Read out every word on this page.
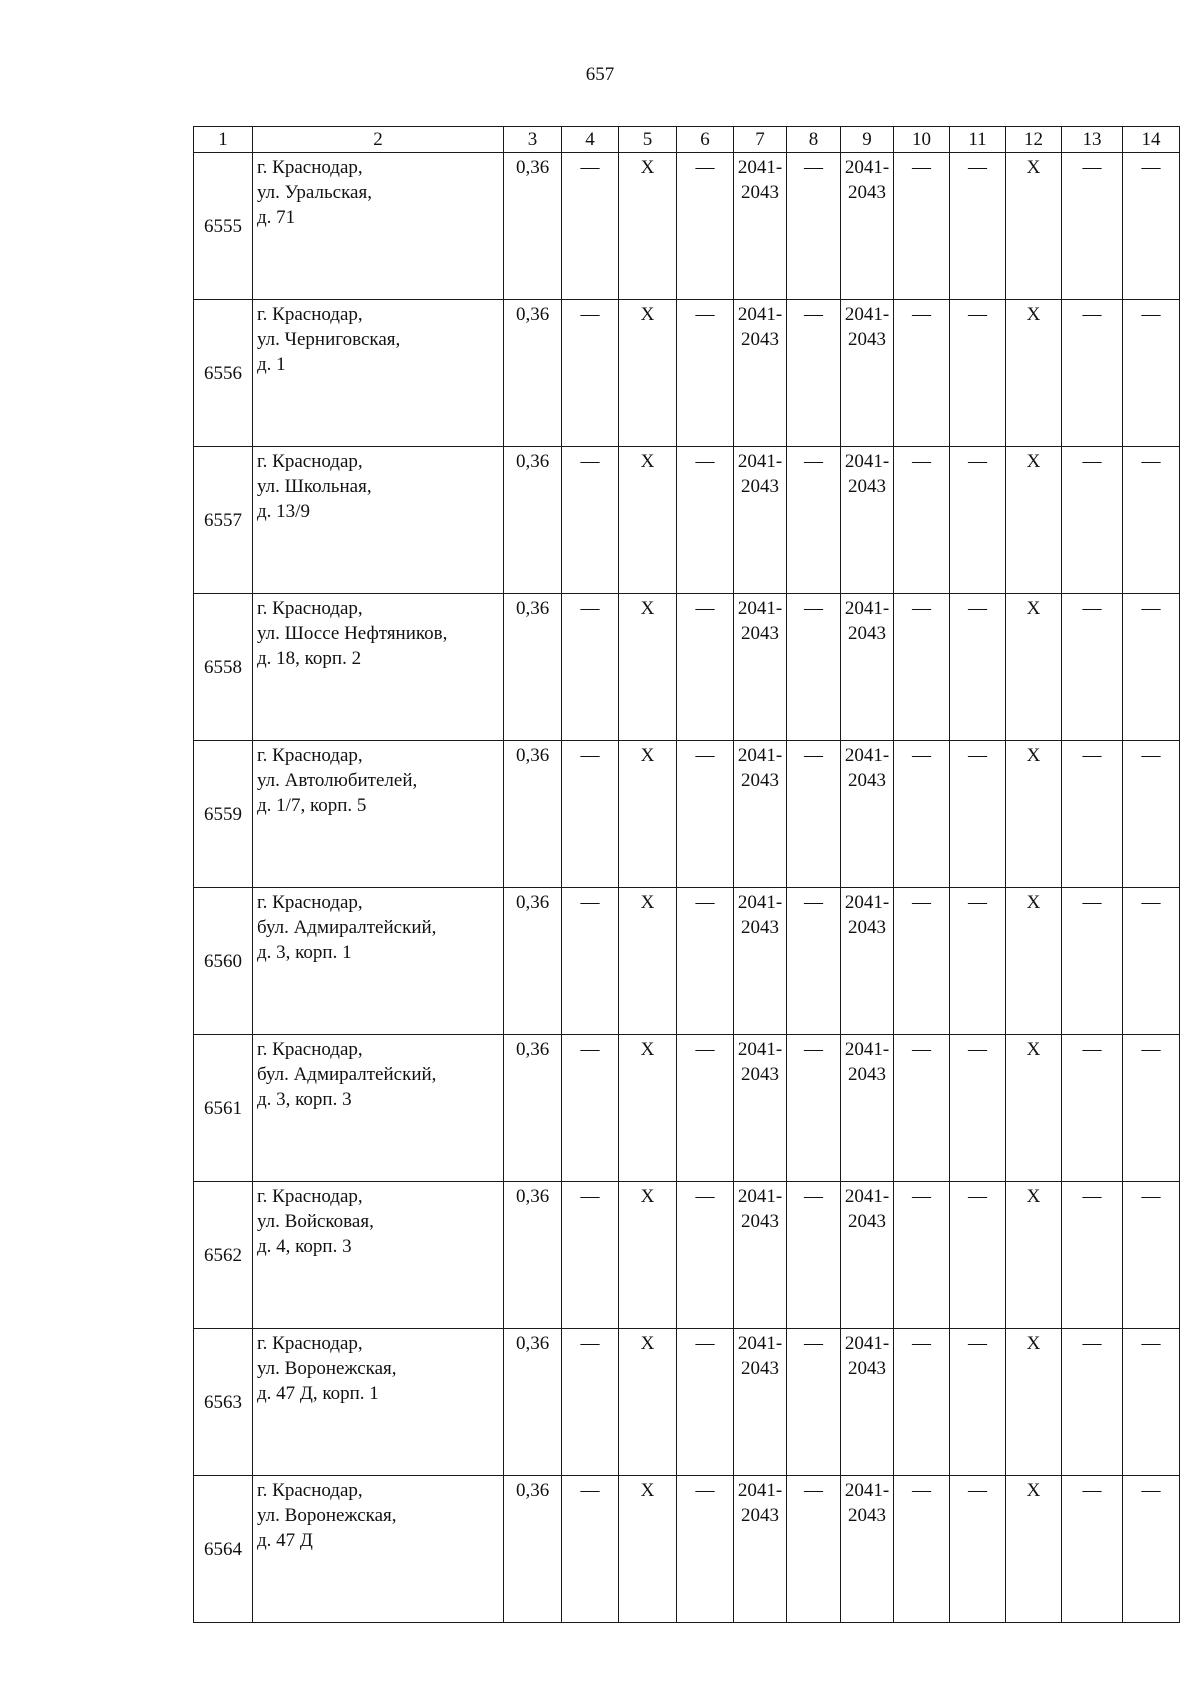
657
1	2	3	4	5	6	7	8	9	10	11	12	13	14
6555	г. Краснодар,
ул. Уральская,
д. 71	0,36	—	X	—	2041-
2043	—	2041-
2043	—	—	X	—	—
6556	г. Краснодар,
ул. Черниговская,
д. 1	0,36	—	X	—	2041-
2043	—	2041-
2043	—	—	X	—	—
6557	г. Краснодар,
ул. Школьная,
д. 13/9	0,36	—	X	—	2041-
2043	—	2041-
2043	—	—	X	—	—
6558	г. Краснодар,
ул. Шоссе Нефтяников,
д. 18, корп. 2	0,36	—	X	—	2041-
2043	—	2041-
2043	—	—	X	—	—
6559	г. Краснодар,
ул. Автолюбителей,
д. 1/7, корп. 5	0,36	—	X	—	2041-
2043	—	2041-
2043	—	—	X	—	—
6560	г. Краснодар,
бул. Адмиралтейский,
д. 3, корп. 1	0,36	—	X	—	2041-
2043	—	2041-
2043	—	—	X	—	—
6561	г. Краснодар,
бул. Адмиралтейский,
д. 3, корп. 3	0,36	—	X	—	2041-
2043	—	2041-
2043	—	—	X	—	—
6562	г. Краснодар,
ул. Войсковая,
д. 4, корп. 3	0,36	—	X	—	2041-
2043	—	2041-
2043	—	—	X	—	—
6563	г. Краснодар,
ул. Воронежская,
д. 47 Д, корп. 1	0,36	—	X	—	2041-
2043	—	2041-
2043	—	—	X	—	—
6564	г. Краснодар,
ул. Воронежская,
д. 47 Д	0,36	—	X	—	2041-
2043	—	2041-
2043	—	—	X	—	—
